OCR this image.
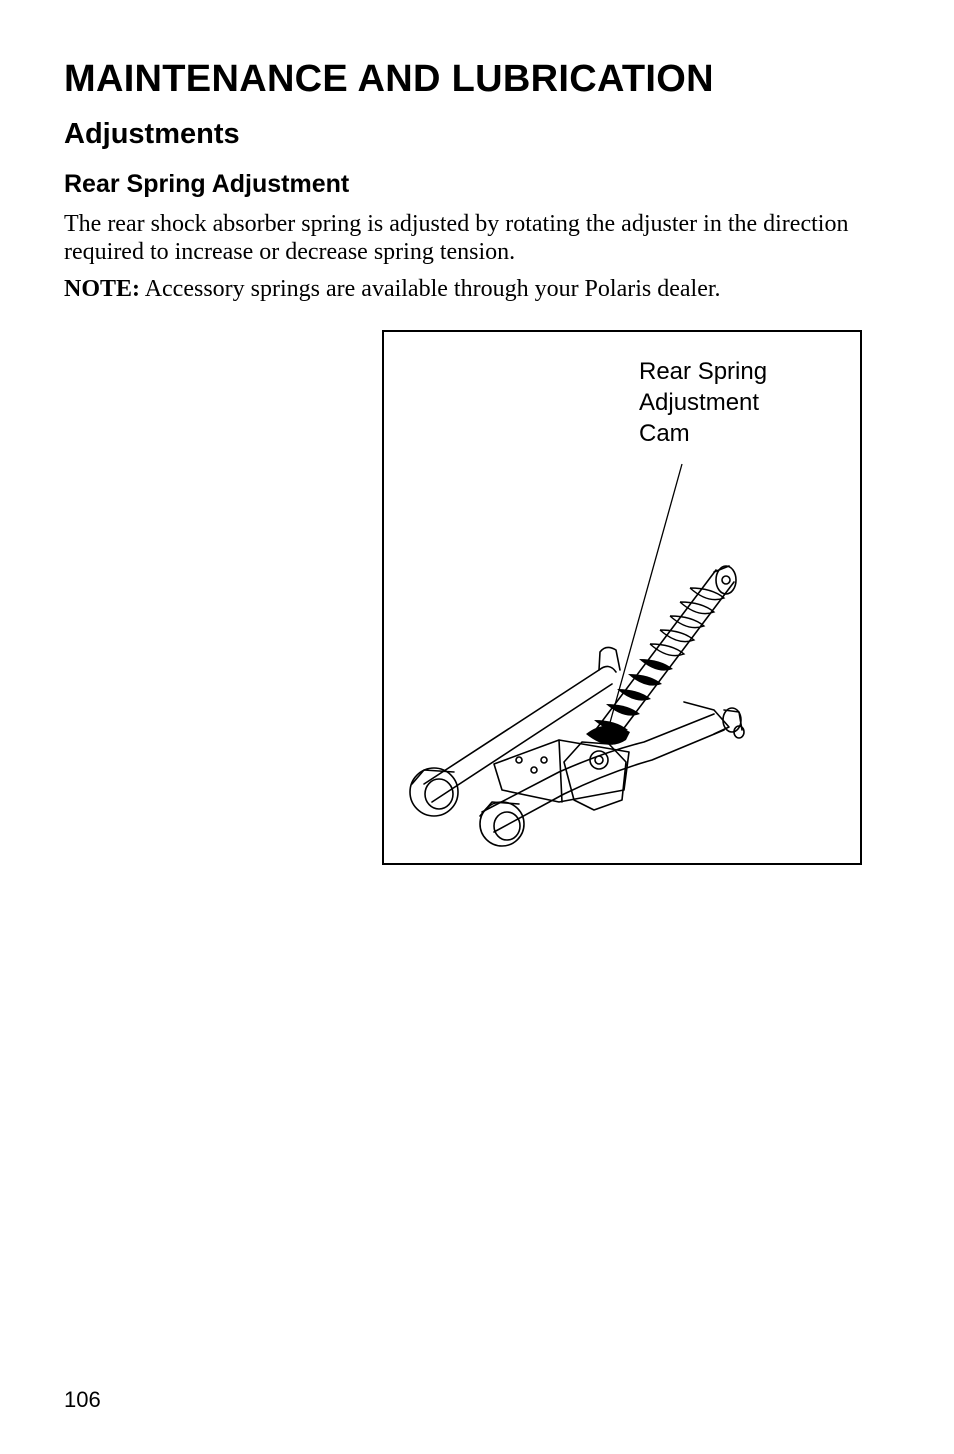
MAINTENANCE AND LUBRICATION
Adjustments
Rear Spring Adjustment

The rear shock absorber spring is adjusted by rotating the adjuster in the direction required to increase or decrease spring tension.

NOTE: Accessory springs are available through your Polaris dealer.

Rear Spring
Adjustment
Cam

106
